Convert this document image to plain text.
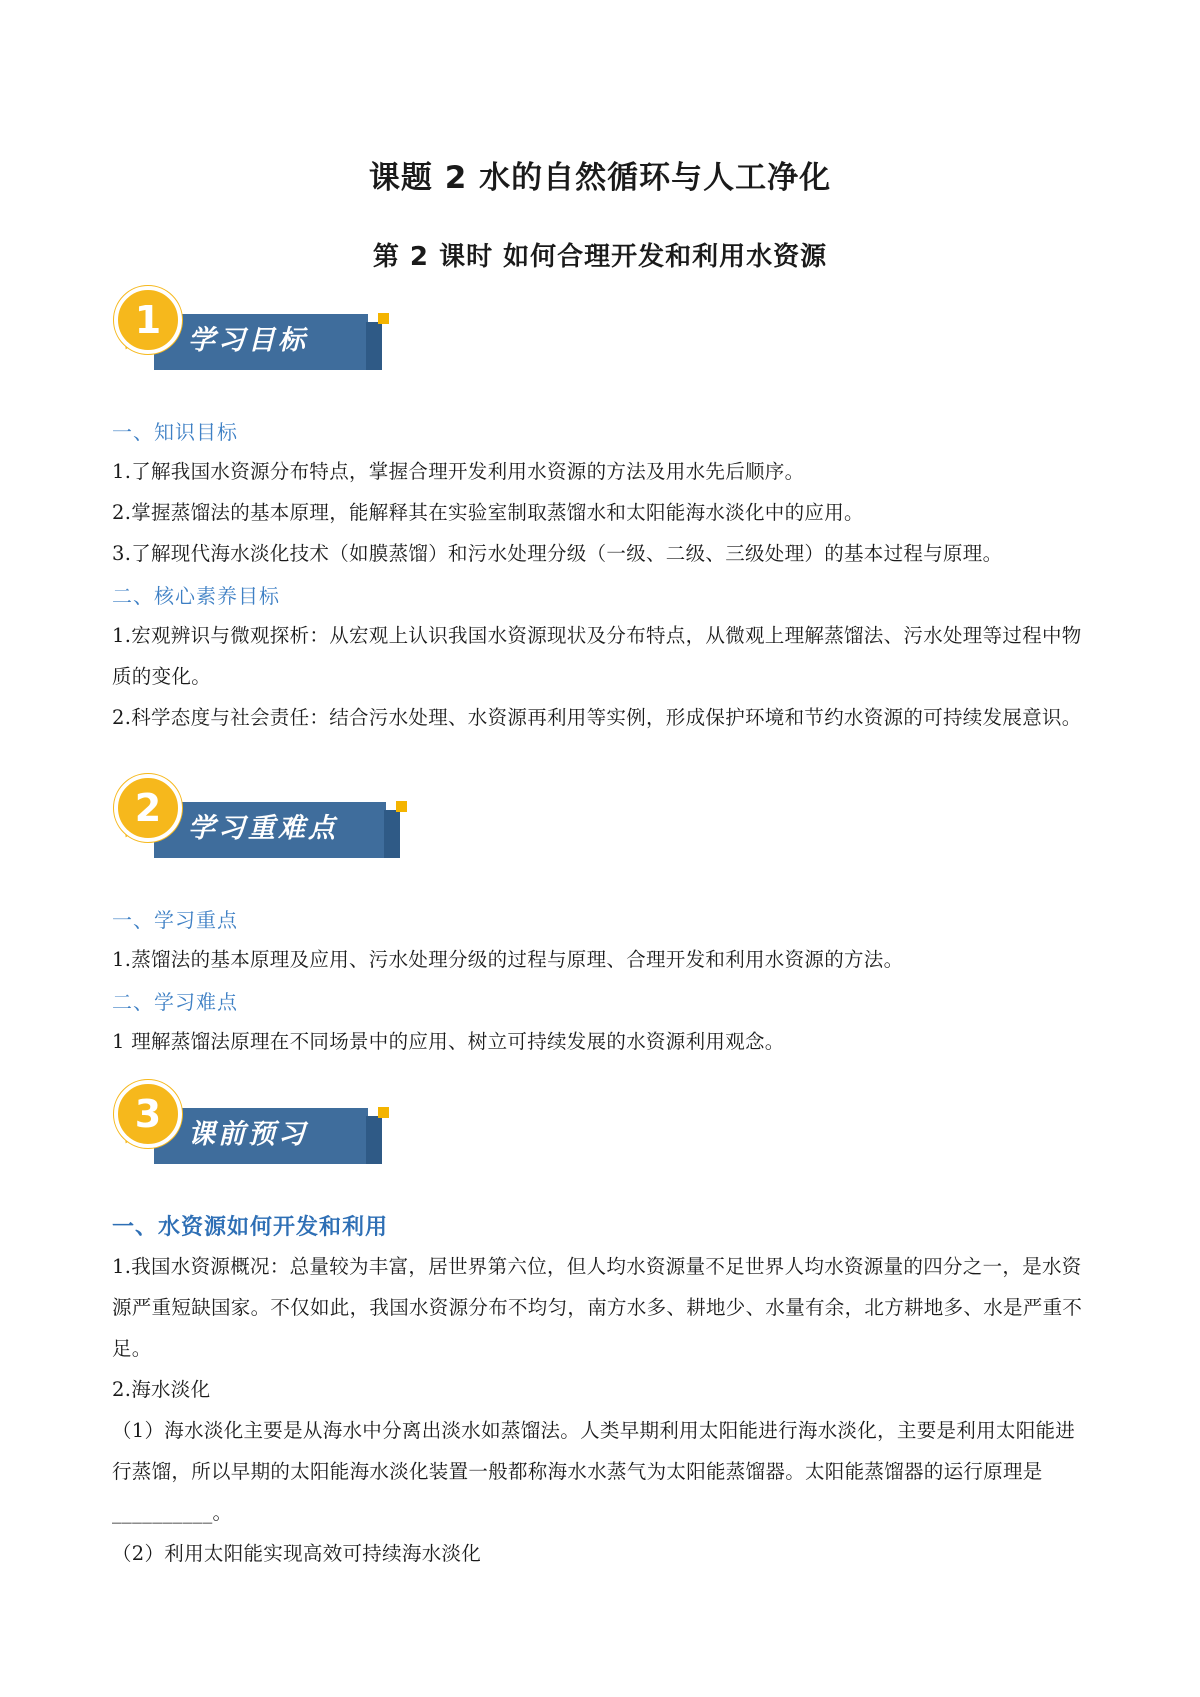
课题 2 水的自然循环与人工净化
第 2 课时 如何合理开发和利用水资源
1 学习目标
一、知识目标
1.了解我国水资源分布特点，掌握合理开发利用水资源的方法及用水先后顺序。
2.掌握蒸馏法的基本原理，能解释其在实验室制取蒸馏水和太阳能海水淡化中的应用。
3.了解现代海水淡化技术（如膜蒸馏）和污水处理分级（一级、二级、三级处理）的基本过程与原理。
二、核心素养目标
1.宏观辨识与微观探析：从宏观上认识我国水资源现状及分布特点，从微观上理解蒸馏法、污水处理等过程中物质的变化。
2.科学态度与社会责任：结合污水处理、水资源再利用等实例，形成保护环境和节约水资源的可持续发展意识。
2 学习重难点
一、学习重点
1.蒸馏法的基本原理及应用、污水处理分级的过程与原理、合理开发和利用水资源的方法。
二、学习难点
1 理解蒸馏法原理在不同场景中的应用、树立可持续发展的水资源利用观念。
3 课前预习
一、水资源如何开发和利用
1.我国水资源概况：总量较为丰富，居世界第六位，但人均水资源量不足世界人均水资源量的四分之一，是水资源严重短缺国家。不仅如此，我国水资源分布不均匀，南方水多、耕地少、水量有余，北方耕地多、水是严重不足。
2.海水淡化
（1）海水淡化主要是从海水中分离出淡水如蒸馏法。人类早期利用太阳能进行海水淡化，主要是利用太阳能进行蒸馏，所以早期的太阳能海水淡化装置一般都称海水水蒸气为太阳能蒸馏器。太阳能蒸馏器的运行原理是__________。
（2）利用太阳能实现高效可持续海水淡化
